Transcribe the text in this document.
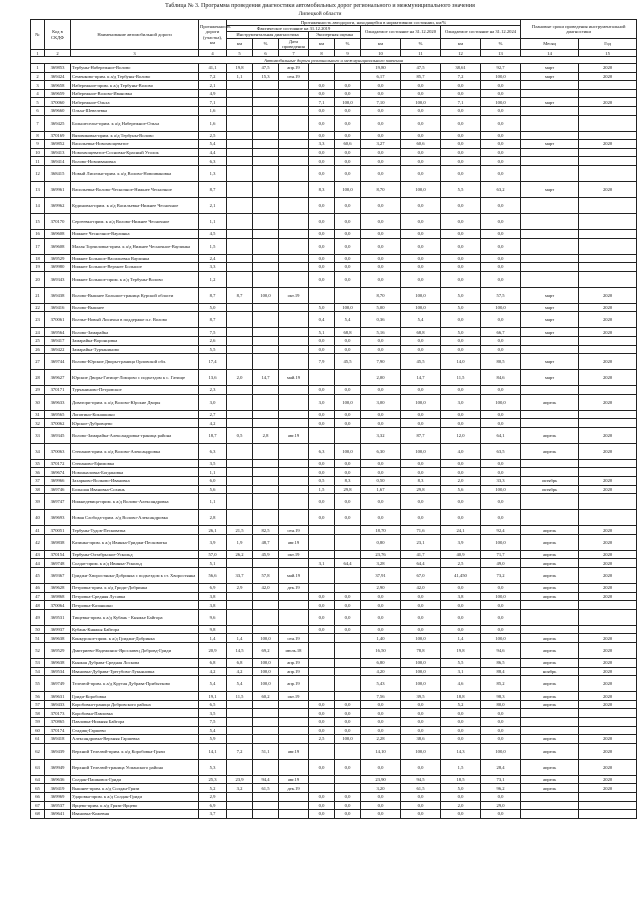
Таблица № 3. Программа проведения диагностики автомобильных дорог регионального и межмуниципального значения
Липецкой области
№	Код в СКДФ	Наименование автомобильной дороги	Протяженность дороги (участка), км	Протяженность автодороги, находящейся в нормативном состоянии, км/%									Плановые сроки проведения инструментальной диагностики	
				Фактическое состояние на 31.12.2019					Ожидаемое состояние на 31.12.2020		Ожидаемое состояние на 31.12.2024			
				Инструментальная диагностика			Экспертная оценка							
				км	%	Дата проведения	км	%	км	%	км	%	Месяц	Год
1	2	3	4	5	6	7	8	9	10	11	12	13	14	15
Автомобильные дороги регионального и межмуниципального значения														
1	369853	Тербуны-Набережное-Волово	41,1	19,8	47,5	апр.19			19,80	47,5	38,61	92,7	март	2020
2	369424	Семенково-прим. к а/д Тербуны-Волово	7,2	1,1	15,3	сен.19			6,17	85,7	7,2	100,0	март	2020
3	369658	Набережное-прим. к а/д Тербуны-Волово	2,1				0,0	0,0	0,0	0,0	0,0	0,0		
4	369659	Набережное-Волово-Ивановка	4,9				0,0	0,0	0,0	0,0	0,0	0,0		
5	370060	Набережное-Ольха	7,1				7,1	100,0	7,10	100,0	7,1	100,0	март	2020
6	369660	Ольха-Шевелевка	1,6				0,0	0,0	0,0	0,0	0,0	0,0		
7	369425	Большеселье-прим. к а/д Набережное-Ольха	1,6				0,0	0,0	0,0	0,0	0,0	0,0		
8	370169	Вязовиковка-прим. к а/д Тербуны-Волово	2,5				0,0	0,0	0,0	0,0	0,0	0,0		
9	369852	Васильевка-Новохвощеватое	5,4				3,3	60,6	3,27	60,6	0,0	0,0	март	2020
10	369413	Новохвощеватое-Сосновка-Красный Угoлок	4,4				0,0	0,0	0,0	0,0	0,0	0,0		
11	369414	Волово-Новоивановка	6,3				0,0	0,0	0,0	0,0	0,0	0,0		
12	368415	Новый Лисичьи-прим. к а/д Волово-Новоивановка	1,3				0,0	0,0	0,0	0,0	0,0	0,0		
13	369961	Васильевка-Волово-Чесночное-Нижнее Чесночное	8,7				8,3	100,0	8,70	100,0	5,5	63,2	март	2020
14	369962	Кудиновка-прим. к а/д Васильевка-Нижнее Чесночное	2,1				0,0	0,0	0,0	0,0	0,0	0,0		
15	370170	Сергеевка-прим. к а/д Волово-Нижнее Чесночное	1,1				0,0	0,0	0,0	0,0	0,0	0,0		
16	369608	Нижнее Чесночное-Ваулинка	4,5				0,0	0,0	0,0	0,0	0,0	0,0		
17	369608	Малая Торчиловка-прим. к а/д Нижнее Чесночное-Ваулинка	1,5				0,0	0,0	0,0	0,0	0,0	0,0		
18	369529	Нижнее Большое-Васильевка Ваулинка	2,4				0,0	0,0	0,0	0,0	0,0	0,0		
19	369980	Нижнее Большое-Верхнее Большое	3,3				0,0	0,0	0,0	0,0	0,0	0,0		
20	369343	Нижнее Большое-прим. к а/д Тербуны-Волово	1,2				0,0	0,0	0,0	0,0	0,0	0,0		
21	369438	Волово-Вышнее Большое-граница Курской области	8,7	8,7	100,0	окт.19			8,70	100,0	5,0	57,5	март	2020
22	369416	Волово-Вышнее	5,0				5,0	100,0	5,00	100,0	5,0	100,0	март	2020
23	370061	Волчье-Новый Лисичьи в поддержке п.г. Волово	8,7				0,4	5,4	0,36	5,4	0,0	0,0	март	2020
24	369564	Волово-Замарайка	7,5				5,1	68,8	5,16	68,8	5,0	66,7	март	2020
25	369417	Замарайка-Воронцовка	2,6				0,0	0,0	0,0	0,0	0,0	0,0		
26	369422	Замарайка-Турчаниново	5,5				0,0	0,0	0,0	0,0	0,0	0,0		
27	369744	Волово-Юрские Дворы-граница Орловской обл.	17,4				7,9	45,5	7,90	45,5	14,0	80,5	март	2020
28	369627	Юрские Дворы-Гатище-Ломцово с подъездом к с. Гатище	13,6	2,0	14,7	май.19			2,00	14,7	11,5	84,6	март	2020
29	370171	Турчаниново-Петровское	2,3				0,0	0,0	0,0	0,0	0,0	0,0		
30	369633	Доватори-прим. к а/д Волово-Юрские Дворы	3,0				3,0	100,0	3,00	100,0	3,0	100,0	апрель	2020
31	369565	Лопатино-Кокашкино	2,7				0,0	0,0	0,0	0,0	0,0	0,0		
32	370062	Юрское-Дубровцево	4,2				0,0	0,0	0,0	0,0	0,0	0,0		
33	369345	Волово-Замарайка-Александровка-граница района	18,7	0,5	2,8	авг.19			3,32	87,7	12,0	64,1	апрель	2020
34	370063	Степанов-прим. к а/д Волово-Александровка	6,3				6,3	100,0	6,30	100,0	4,0	63,5	апрель	2020
35	370172	Степаново-Ефимовка	3,5				0,0	0,0	0,0	0,0	0,0	0,0		
36	369674	Новоаналовка-Богдановка	1,1				0,0	0,0	0,0	0,0	0,0	0,0		
37	369966	Захарково-Волково-Ивановка	6,0				0,5	8,3	0,50	8,3	2,0	33,3	октябрь	2020
38	369746	Большая Ивановка-Сохинь	5,6				1,5	29,8	1,67	29,8	5,6	100,0	октябрь	2020
39	369747	Нижнедевица-прим. к а/д Волово-Александровка	1,1				0,0	0,0	0,0	0,0	0,0	0,0		
40	369693	Новая Слобода-прим. а/д Волово-Александровка	2,8				0,0	0,0	0,0	0,0	0,0	0,0		
41	370051	Тербуны-Тудов-Песковатка	26,1	21,5	82,5	сен.19			18,70	71,6	24,1	92,4	апрель	2020
42	369838	Казинка-прим. к а/д Ивинка-Гриджи-Песковатка	3,9	1,9	48,7	авг.19			0,80	23,1	3,9	100,0	апрель	2020
43	370154	Тербуны-Олтабрьское-Ускольд	57,0	26,2	45,9	окт.19			23,76	41,7	40,9	71,7	апрель	2020
44	369748	Солдат-прим. к а/д Ивинка-Ускольд	5,1				3,1	64,4	3,28	64,4	2,5	49,0	апрель	2020
45	369367	Гриджи-Хворостянка-Добринка с подъездом к ст. Хворостянка	56,6	33,7	57,8	май.19			37,91	67,0	41,450	73,2	апрель	2020
46	369628	Петровка-прим. к а/д Гриди-Добринка	6,9	2,9	42,0	дек.19			2,90	42,0	0,0	0,0	апрель	2020
47	369868	Петровка-Средняя Лусавка	3,8				0,0	0,0	0,0	0,0	3,8	100,0	апрель	2020
48	370064	Петровка-Казанкино	3,8				0,0	0,0	0,0	0,0	0,0	0,0		
49	369531	Тищевка-прим. к а/д Кубань - Княжье Байгора	9,6				0,0	0,0	0,0	0,0	0,0	0,0		
50	369937	Кубань-Княжья Байгора	9,8				0,0	0,0	0,0	0,0	0,0	0,0		
51	369638	Конкурское-прим. к а/д Гриджи-Добринка	1,4	1,4	100,0	сен.19			1,40	100,0	1,4	100,0	апрель	2020
52	369529	Дмитриево-Надежинск-Ярославец Добровд-Гриди	20,9	14,5	69,2	июль.18			16,50	78,8	19,8	94,6	апрель	2020
53	369638	Княжая Дубрава-Средная Лоскова	6,8	6,8	100,0	апр.19			6,80	100,0	5,5	86,5	апрель	2020
54	369534	Ивановка-Дубрава-Трегубово-Лукьяновка	4,2	4,2	100,0	апр.19			4,20	100,0	3,1	88,4	ноябрь	2020
55	369749	Телелюй-прим. к а/д Крутая Дубрава-Прибытково	5,4	5,4	100,0	апр.19			5,43	100,0	4,6	85,2	апрель	2020
56	369631	Гриди-Коробовка	19,1	11,5	60,2	окт.19			7,56	39,5	18,8	98,3	апрель	2020
57	369433	Коробовка-граница Добровского района	6,5				0,0	0,0	0,0	0,0	5,2	80,0	апрель	2020
58	370173	Коробовка-Павловка	3,5				0,0	0,0	0,0	0,0	0,0	0,0		
59	370865	Павловка-Нижняя Байгора	7,5				0,0	0,0	0,0	0,0	0,0	0,0		
60	370174	Стадищ-Гаршево	5,4				0,0	0,0	0,0	0,0	0,0	0,0		
61	369418	Александровка-Верхняя Гаршевка	5,9				2,5	100,0	2,28	38,6	0,0	0,0	апрель	2020
62	369439	Верхний Телелюй-прим. к а/д Коробовка-Грязи	14,1	7,2	51,1	авг.19			14,10	100,0	14,3	100,0	апрель	2020
63	369949	Верхний Телелюй-граница Усманского района	5,3				0,0	0,0	0,0	0,0	1,5	28,4	апрель	2020
64	369636	Солдан-Пашковск-Гриди	25,3	23,9	94,4	авг.19			23,90	94,5	18,5	73,1	апрель	2020
65	369419	Вышнее-прим. к а/д Солдан-Грязи	5,2	3,2	61,5	дек.19			3,20	61,5	5,0	96,2	апрель	2020
66	369969	Ударовка-прим. к а/д Солдан-Гриди	2,9				0,0	0,0	0,0	0,0	0,0	0,0		
67	369537	Ярцево-прим. к а/д Грязи-Ярцево	6,9				0,0	0,0	0,0	0,0	2,0	29,0		
68	369641	Ивановка-Кожевня	3,7				0,0	0,0	0,0	0,0	0,0	0,0		
